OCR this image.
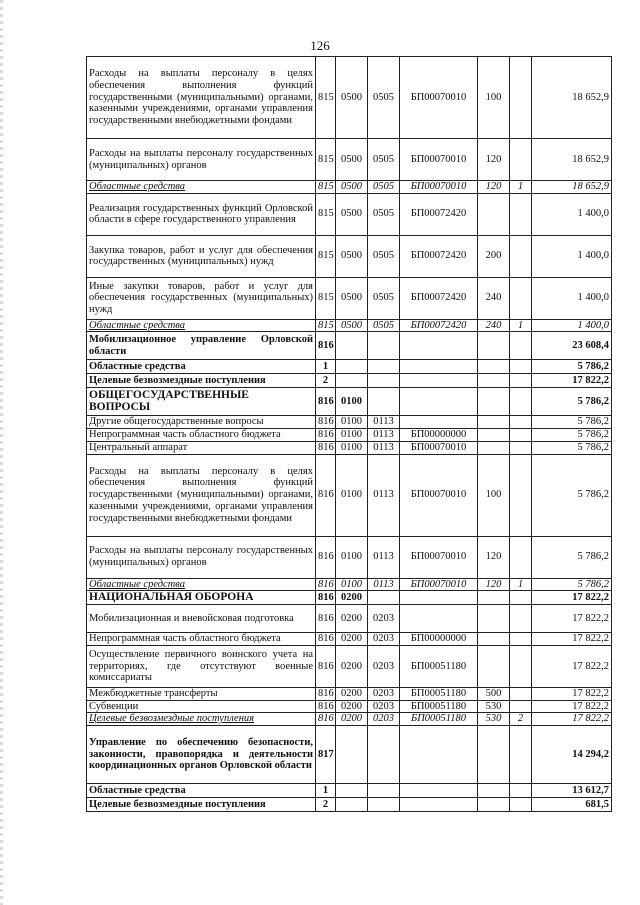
126
Расходы на выплаты персоналу в целях обеспечения выполнения функций государственными (муниципальными) органами, казенными учреждениями, органами управления государственными внебюджетными фондами	815	0500	0505	БП00070010	100		18 652,9
Расходы на выплаты персоналу государственных (муниципальных) органов	815	0500	0505	БП00070010	120		18 652,9
Областные средства	815	0500	0505	БП00070010	120	1	18 652,9
Реализация государственных функций Орловской области в сфере государственного управления	815	0500	0505	БП00072420			1 400,0
Закупка товаров, работ и услуг для обеспечения государственных (муниципальных) нужд	815	0500	0505	БП00072420	200		1 400,0
Иные закупки товаров, работ и услуг для обеспечения государственных (муниципальных) нужд	815	0500	0505	БП00072420	240		1 400,0
Областные средства	815	0500	0505	БП00072420	240	1	1 400,0
Мобилизационное управление Орловской области	816						23 608,4
Областные средства	1						5 786,2
Целевые безвозмездные поступления	2						17 822,2
ОБЩЕГОСУДАРСТВЕННЫЕ ВОПРОСЫ	816	0100					5 786,2
Другие общегосударственные вопросы	816	0100	0113				5 786,2
Непрограммная часть областного бюджета	816	0100	0113	БП00000000			5 786,2
Центральный аппарат	816	0100	0113	БП00070010			5 786,2
Расходы на выплаты персоналу в целях обеспечения выполнения функций государственными (муниципальными) органами, казенными учреждениями, органами управления государственными внебюджетными фондами	816	0100	0113	БП00070010	100		5 786,2
Расходы на выплаты персоналу государственных (муниципальных) органов	816	0100	0113	БП00070010	120		5 786,2
Областные средства	816	0100	0113	БП00070010	120	1	5 786,2
НАЦИОНАЛЬНАЯ ОБОРОНА	816	0200					17 822,2
Мобилизационная и вневойсковая подготовка	816	0200	0203				17 822,2
Непрограммная часть областного бюджета	816	0200	0203	БП00000000			17 822,2
Осуществление первичного воинского учета на территориях, где отсутствуют военные комиссариаты	816	0200	0203	БП00051180			17 822,2
Межбюджетные трансферты	816	0200	0203	БП00051180	500		17 822,2
Субвенции	816	0200	0203	БП00051180	530		17 822,2
Целевые безвозмездные поступления	816	0200	0203	БП00051180	530	2	17 822,2
Управление по обеспечению безопасности, законности, правопорядка и деятельности координационных органов Орловской области	817						14 294,2
Областные средства	1						13 612,7
Целевые безвозмездные поступления	2						681,5
